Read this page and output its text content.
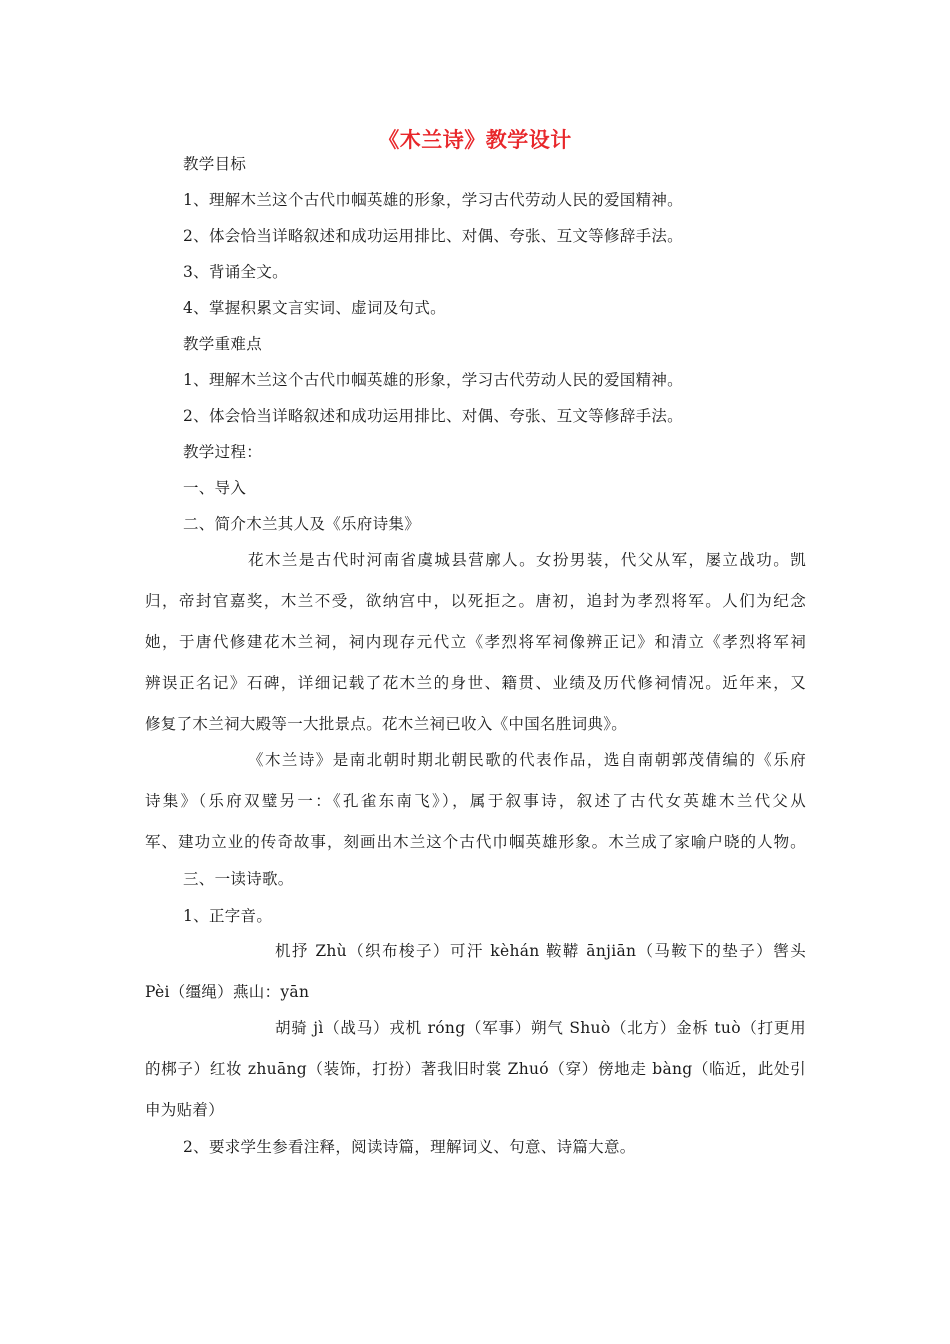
《木兰诗》教学设计
教学目标
1、理解木兰这个古代巾帼英雄的形象，学习古代劳动人民的爱国精神。
2、体会恰当详略叙述和成功运用排比、对偶、夸张、互文等修辞手法。
3、背诵全文。
4、掌握积累文言实词、虚词及句式。
教学重难点
1、理解木兰这个古代巾帼英雄的形象，学习古代劳动人民的爱国精神。
2、体会恰当详略叙述和成功运用排比、对偶、夸张、互文等修辞手法。
教学过程：
一、导入
二、简介木兰其人及《乐府诗集》
花木兰是古代时河南省虞城县营廓人。女扮男装，代父从军，屡立战功。凯
归，帝封官嘉奖，木兰不受，欲纳宫中，以死拒之。唐初，追封为孝烈将军。人们为纪念
她，于唐代修建花木兰祠，祠内现存元代立《孝烈将军祠像辨正记》和清立《孝烈将军祠
辨误正名记》石碑，详细记载了花木兰的身世、籍贯、业绩及历代修祠情况。近年来，又
修复了木兰祠大殿等一大批景点。花木兰祠已收入《中国名胜词典》。
《木兰诗》是南北朝时期北朝民歌的代表作品，选自南朝郭茂倩编的《乐府
诗集》（乐府双璧另一：《孔雀东南飞》），属于叙事诗，叙述了古代女英雄木兰代父从
军、建功立业的传奇故事，刻画出木兰这个古代巾帼英雄形象。木兰成了家喻户晓的人物。
三、一读诗歌。
1、正字音。
机抒 Zhù（织布梭子）可汗 kèhán 鞍鞯 ānjiān（马鞍下的垫子）辔头
Pèi（缰绳）燕山：yān
胡骑 jì（战马）戎机 róng（军事）朔气 Shuò（北方）金柝 tuò（打更用
的梆子）红妆 zhuāng（装饰，打扮）著我旧时裳 Zhuó（穿）傍地走 bàng（临近，此处引
申为贴着）
2、要求学生参看注释，阅读诗篇，理解词义、句意、诗篇大意。
